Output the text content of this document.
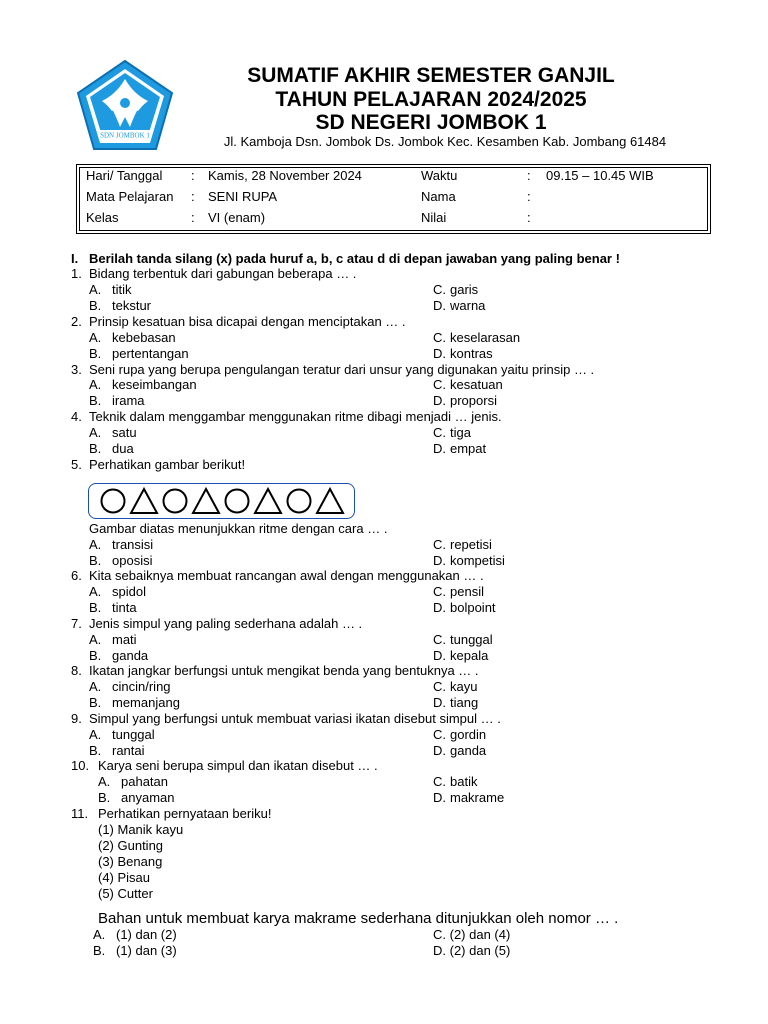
SDN JOMBOK 1
SUMATIF AKHIR SEMESTER GANJIL
TAHUN PELAJARAN 2024/2025
SD NEGERI JOMBOK 1
Jl. Kamboja Dsn. Jombok Ds. Jombok Kec. Kesamben Kab. Jombang 61484
Hari/ Tanggal : Kamis, 28 November 2024	Waktu	: 09.15 – 10.45 WIB
Mata Pelajaran : SENI RUPA	Nama	:
Kelas	: VI (enam)	Nilai	:
I. Berilah tanda silang (x) pada huruf a, b, c atau d di depan jawaban yang paling benar !
1. Bidang terbentuk dari gabungan beberapa … .
A. titik	C. garis
B. tekstur	D. warna
2. Prinsip kesatuan bisa dicapai dengan menciptakan … .
A. kebebasan	C. keselarasan
B. pertentangan	D. kontras
3. Seni rupa yang berupa pengulangan teratur dari unsur yang digunakan yaitu prinsip … .
A. keseimbangan	C. kesatuan
B. irama	D. proporsi
4. Teknik dalam menggambar menggunakan ritme dibagi menjadi … jenis.
A. satu	C. tiga
B. dua	D. empat
5. Perhatikan gambar berikut!
Gambar diatas menunjukkan ritme dengan cara … .
A. transisi	C. repetisi
B. oposisi	D. kompetisi
6. Kita sebaiknya membuat rancangan awal dengan menggunakan … .
A. spidol	C. pensil
B. tinta	D. bolpoint
7. Jenis simpul yang paling sederhana adalah … .
A. mati	C. tunggal
B. ganda	D. kepala
8. Ikatan jangkar berfungsi untuk mengikat benda yang bentuknya … .
A. cincin/ring	C. kayu
B. memanjang	D. tiang
9. Simpul yang berfungsi untuk membuat variasi ikatan disebut simpul … .
A. tunggal	C. gordin
B. rantai	D. ganda
10. Karya seni berupa simpul dan ikatan disebut … .
A. pahatan	C. batik
B. anyaman	D. makrame
11. Perhatikan pernyataan beriku!
(1) Manik kayu
(2) Gunting
(3) Benang
(4) Pisau
(5) Cutter
Bahan untuk membuat karya makrame sederhana ditunjukkan oleh nomor … .
A. (1) dan (2)	C. (2) dan (4)
B. (1) dan (3)	D. (2) dan (5)
